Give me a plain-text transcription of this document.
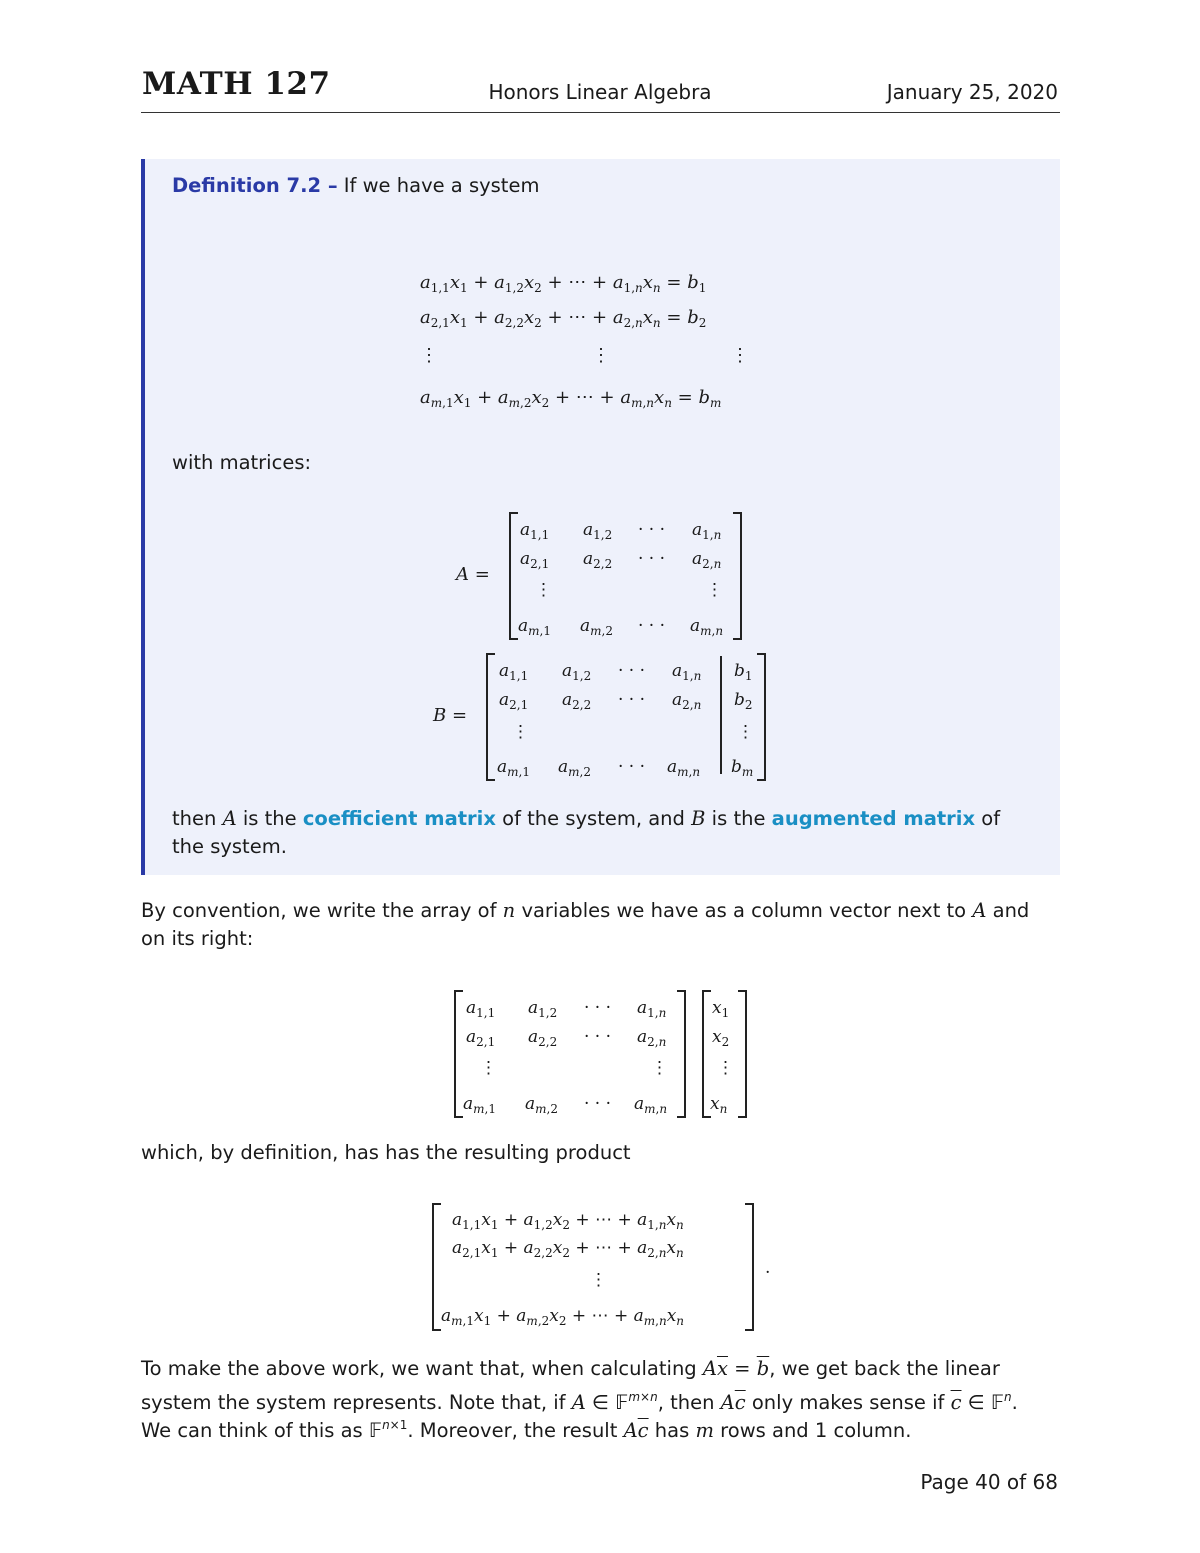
MATH 127	Honors Linear Algebra	January 25, 2020
Definition 7.2 – If we have a system
$a_{1,1}x_1 + a_{1,2}x_2$ + ⋯ + $a_{1,n}x_n = b_1$
$a_{2,1}x_1 + a_{2,2}x_2$ + ⋯ + $a_{2,n}x_n = b_2$
⋮	⋮	⋮
$a_{m,1}x_1 + a_{m,2}x_2$ + ⋯ + $a_{m,n}x_n = b_m$
with matrices:
A =
$a_{1,1}$ $a_{1,2}$ · · · $a_{1,n}$
$a_{2,1}$ $a_{2,2}$ · · · $a_{2,n}$
⋮	⋮
$a_{m,1}$ $a_{m,2}$ · · · $a_{m,n}$
B =
$a_{1,1}$ $a_{1,2}$ · · · $a_{1,n}$ $b_1$
$a_{2,1}$ $a_{2,2}$ · · · $a_{2,n}$ $b_2$
⋮	⋮
$a_{m,1}$ $a_{m,2}$ · · · $a_{m,n}$ $b_m$
then A is the coefficient matrix of the system, and B is the augmented matrix of
the system.
By convention, we write the array of n variables we have as a column vector next to A and
on its right:
$a_{1,1}$ $a_{1,2}$ · · · $a_{1,n}$
$a_{2,1}$ $a_{2,2}$ · · · $a_{2,n}$
⋮	⋮
$a_{m,1}$ $a_{m,2}$ · · · $a_{m,n}$
$x_1$
$x_2$
⋮
$x_n$
which, by definition, has has the resulting product
$a_{1,1}x_1 + a_{1,2}x_2$ + ⋯ + $a_{1,n}x_n$
$a_{2,1}x_1 + a_{2,2}x_2$ + ⋯ + $a_{2,n}x_n$
⋮
$a_{m,1}x_1 + a_{m,2}x_2$ + ⋯ + $a_{m,n}x_n$
.
To make the above work, we want that, when calculating $A\overline{x} = \overline{b}$, we get back the linear
system the system represents. Note that, if A ∈ 𝔽$^{m\times n}$, then $A\overline{c}$ only makes sense if $\overline{c}$ ∈ 𝔽$^n$.
We can think of this as 𝔽$^{n\times 1}$. Moreover, the result $A\overline{c}$ has m rows and 1 column.
Page 40 of 68
